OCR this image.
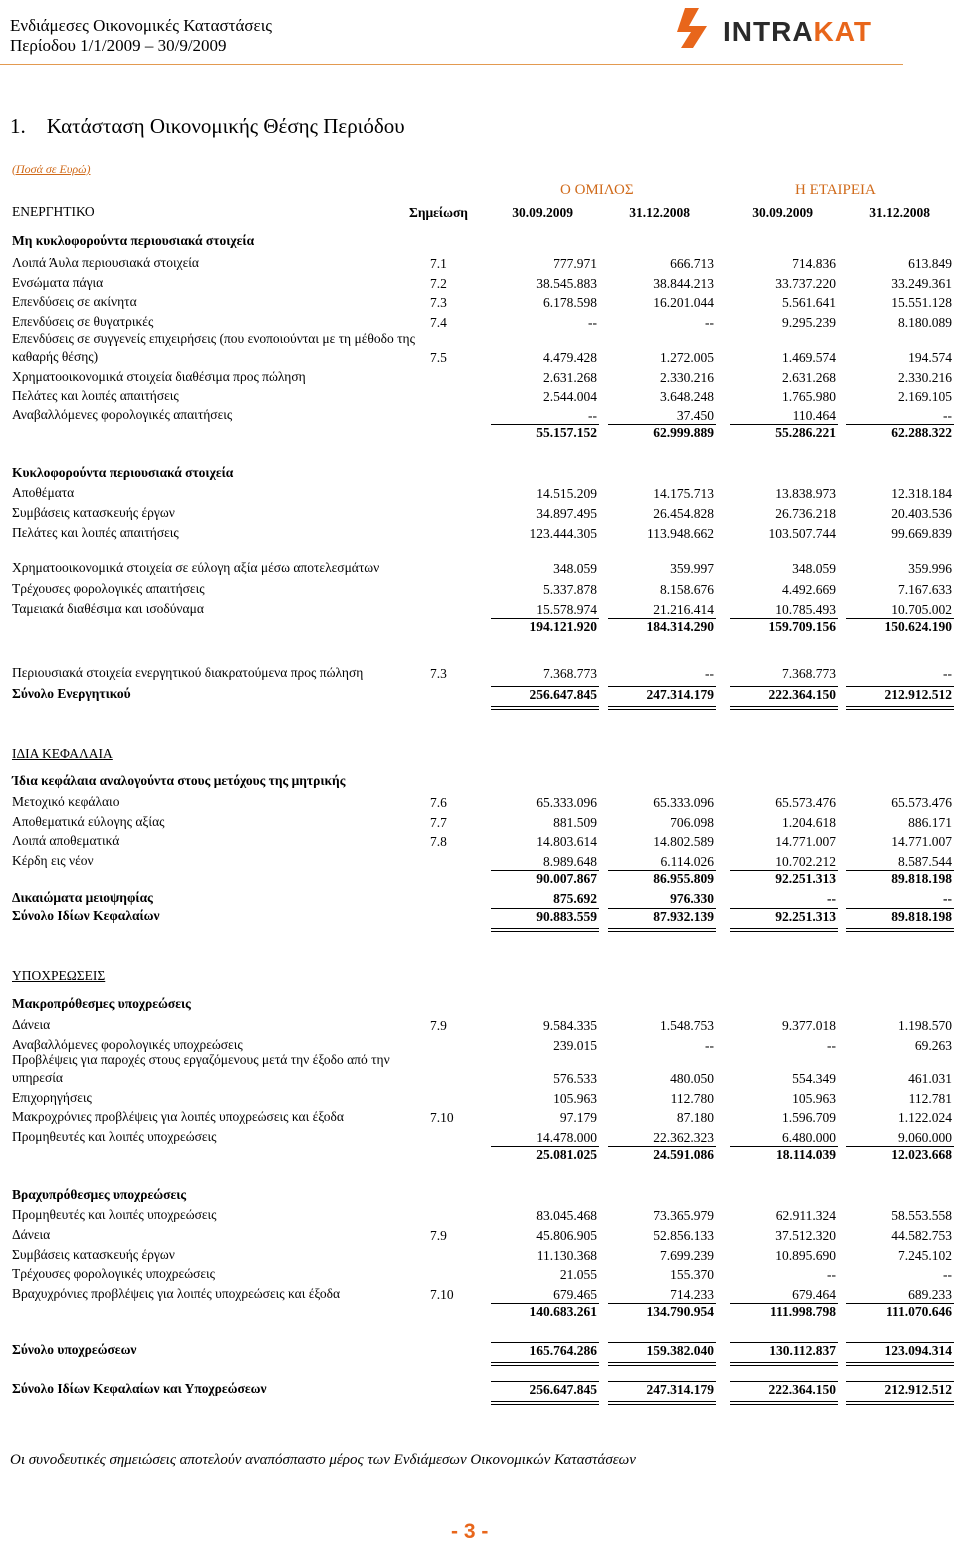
Ενδιάμεσες Οικονομικές Καταστάσεις
Περίοδου 1/1/2009 – 30/9/2009	INTRAKAT
1.    Κατάσταση Οικονομικής Θέσης Περιόδου
(Ποσά σε Ευρώ)
Ο ΟΜΙΛΟΣ	Η ΕΤΑΙΡΕΙΑ
ΕΝΕΡΓΗΤΙΚΟ	Σημείωση	30.09.2009	31.12.2008	30.09.2009	31.12.2008
Μη κυκλοφορούντα περιουσιακά στοιχεία
Λοιπά Άυλα περιουσιακά στοιχεία	7.1	777.971	666.713	714.836	613.849
Ενσώματα πάγια	7.2	38.545.883	38.844.213	33.737.220	33.249.361
Επενδύσεις σε ακίνητα	7.3	6.178.598	16.201.044	5.561.641	15.551.128
Επενδύσεις σε θυγατρικές	7.4	--	--	9.295.239	8.180.089
Επενδύσεις σε συγγενείς επιχειρήσεις (που ενοποιούνται με τη μέθοδο της καθαρής θέσης)	7.5	4.479.428	1.272.005	1.469.574	194.574
Χρηματοοικονομικά στοιχεία διαθέσιμα προς πώληση	2.631.268	2.330.216	2.631.268	2.330.216
Πελάτες και λοιπές απαιτήσεις	2.544.004	3.648.248	1.765.980	2.169.105
Αναβαλλόμενες φορολογικές απαιτήσεις	--	37.450	110.464	--
55.157.152	62.999.889	55.286.221	62.288.322
Κυκλοφορούντα περιουσιακά στοιχεία
Αποθέματα	14.515.209	14.175.713	13.838.973	12.318.184
Συμβάσεις κατασκευής έργων	34.897.495	26.454.828	26.736.218	20.403.536
Πελάτες και λοιπές απαιτήσεις	123.444.305	113.948.662	103.507.744	99.669.839
Χρηματοοικονομικά στοιχεία σε εύλογη αξία μέσω αποτελεσμάτων	348.059	359.997	348.059	359.996
Τρέχουσες φορολογικές απαιτήσεις	5.337.878	8.158.676	4.492.669	7.167.633
Ταμειακά διαθέσιμα και ισοδύναμα	15.578.974	21.216.414	10.785.493	10.705.002
194.121.920	184.314.290	159.709.156	150.624.190
Περιουσιακά στοιχεία ενεργητικού διακρατούμενα προς πώληση	7.3	7.368.773	--	7.368.773	--
Σύνολο Ενεργητικού	256.647.845	247.314.179	222.364.150	212.912.512
ΙΔΙΑ ΚΕΦΑΛΑΙΑ
Ίδια κεφάλαια αναλογούντα στους μετόχους της μητρικής
Μετοχικό κεφάλαιο	7.6	65.333.096	65.333.096	65.573.476	65.573.476
Αποθεματικά εύλογης αξίας	7.7	881.509	706.098	1.204.618	886.171
Λοιπά αποθεματικά	7.8	14.803.614	14.802.589	14.771.007	14.771.007
Κέρδη εις νέον	8.989.648	6.114.026	10.702.212	8.587.544
90.007.867	86.955.809	92.251.313	89.818.198
Δικαιώματα μειοψηφίας	875.692	976.330	--	--
Σύνολο Ιδίων Κεφαλαίων	90.883.559	87.932.139	92.251.313	89.818.198
ΥΠΟΧΡΕΩΣΕΙΣ
Μακροπρόθεσμες υποχρεώσεις
Δάνεια	7.9	9.584.335	1.548.753	9.377.018	1.198.570
Αναβαλλόμενες φορολογικές υποχρεώσεις	239.015	--	--	69.263
Προβλέψεις για παροχές στους εργαζόμενους μετά την έξοδο από την υπηρεσία	576.533	480.050	554.349	461.031
Επιχορηγήσεις	105.963	112.780	105.963	112.781
Μακροχρόνιες προβλέψεις για λοιπές υποχρεώσεις και έξοδα	7.10	97.179	87.180	1.596.709	1.122.024
Προμηθευτές και λοιπές υποχρεώσεις	14.478.000	22.362.323	6.480.000	9.060.000
25.081.025	24.591.086	18.114.039	12.023.668
Βραχυπρόθεσμες υποχρεώσεις
Προμηθευτές και λοιπές υποχρεώσεις	83.045.468	73.365.979	62.911.324	58.553.558
Δάνεια	7.9	45.806.905	52.856.133	37.512.320	44.582.753
Συμβάσεις κατασκευής έργων	11.130.368	7.699.239	10.895.690	7.245.102
Τρέχουσες φορολογικές υποχρεώσεις	21.055	155.370	--	--
Βραχυχρόνιες προβλέψεις για λοιπές υποχρεώσεις και έξοδα	7.10	679.465	714.233	679.464	689.233
140.683.261	134.790.954	111.998.798	111.070.646
Σύνολο υποχρεώσεων	165.764.286	159.382.040	130.112.837	123.094.314
Σύνολο Ιδίων Κεφαλαίων και Υποχρεώσεων	256.647.845	247.314.179	222.364.150	212.912.512
Οι συνοδευτικές σημειώσεις αποτελούν αναπόσπαστο μέρος των Ενδιάμεσων Οικονομικών Καταστάσεων
- 3 -
